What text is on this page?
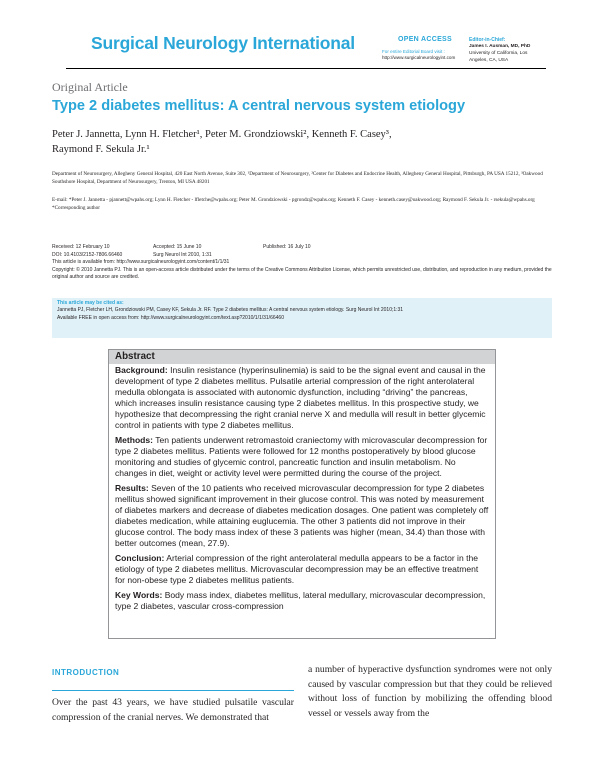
Surgical Neurology International	OPEN ACCESS
For entire Editorial Board visit :
http://www.surgicalneurologyint.com
Editor-in-Chief:
James I. Ausman, MD, PhD
University of California, Los
Angeles, CA, USA
Original Article
Type 2 diabetes mellitus: A central nervous system etiology
Peter J. Jannetta, Lynn H. Fletcher¹, Peter M. Grondziowski², Kenneth F. Casey³,
Raymond F. Sekula Jr.¹
Department of Neurosurgery, Allegheny General Hospital, 420 East North Avenue, Suite 302, ¹Department of Neurosurgery, ²Center for Diabetes and Endocrine Health, Allegheny General Hospital, Pittsburgh, PA USA 15212, ³Oakwood Southshore Hospital, Department of Neurosurgery, Trenton, MI USA 48201
E-mail: *Peter J. Jannetta - pjannett@wpahs.org; Lynn H. Fletcher - lfletche@wpahs.org; Peter M. Grondziowski - pgrondz@wpahs.org; Kenneth F. Casey - kenneth.casey@oakwood.org; Raymond F. Sekula Jr. - rsekula@wpahs.org
*Corresponding author
Received: 12 February 10	Accepted: 15 June 10	Published: 16 July 10
DOI: 10.4103/2152-7806.66460	Surg Neurol Int 2010, 1:31
This article is available from: http://www.surgicalneurologyint.com/content/1/1/31
Copyright: © 2010 Jannetta PJ. This is an open-access article distributed under the terms of the Creative Commons Attribution License, which permits unrestricted use, distribution, and reproduction in any medium, provided the original author and source are credited.
This article may be cited as:
Jannetta PJ, Fletcher LH, Grondziowski PM, Casey KF, Sekula Jr. RF. Type 2 diabetes mellitus: A central nervous system etiology. Surg Neurol Int 2010;1:31
Available FREE in open access from: http://www.surgicalneurologyint.com/text.asp?2010/1/1/31/66460
Abstract

Background: Insulin resistance (hyperinsulinemia) is said to be the signal event and causal in the development of type 2 diabetes mellitus. Pulsatile arterial compression of the right anterolateral medulla oblongata is associated with autonomic dysfunction, including “driving” the pancreas, which increases insulin resistance causing type 2 diabetes mellitus. In this prospective study, we hypothesize that decompressing the right cranial nerve X and medulla will result in better glycemic control in patients with type 2 diabetes mellitus.

Methods: Ten patients underwent retromastoid craniectomy with microvascular decompression for type 2 diabetes mellitus. Patients were followed for 12 months postoperatively by blood glucose monitoring and studies of glycemic control, pancreatic function and insulin metabolism. No changes in diet, weight or activity level were permitted during the course of the project.

Results: Seven of the 10 patients who received microvascular decompression for type 2 diabetes mellitus showed significant improvement in their glucose control. This was noted by measurement of diabetes markers and decrease of diabetes medication dosages. One patient was completely off diabetes medication, while attaining euglucemia. The other 3 patients did not improve in their glucose control. The body mass index of these 3 patients was higher (mean, 34.4) than those with better outcomes (mean, 27.9).

Conclusion: Arterial compression of the right anterolateral medulla appears to be a factor in the etiology of type 2 diabetes mellitus. Microvascular decompression may be an effective treatment for non-obese type 2 diabetes mellitus patients.

Key Words: Body mass index, diabetes mellitus, lateral medullary, microvascular decompression, type 2 diabetes, vascular cross-compression

INTRODUCTION
Over the past 43 years, we have studied pulsatile vascular compression of the cranial nerves. We demonstrated that
a number of hyperactive dysfunction syndromes were not only caused by vascular compression but that they could be relieved without loss of function by mobilizing the offending blood vessel or vessels away from the
